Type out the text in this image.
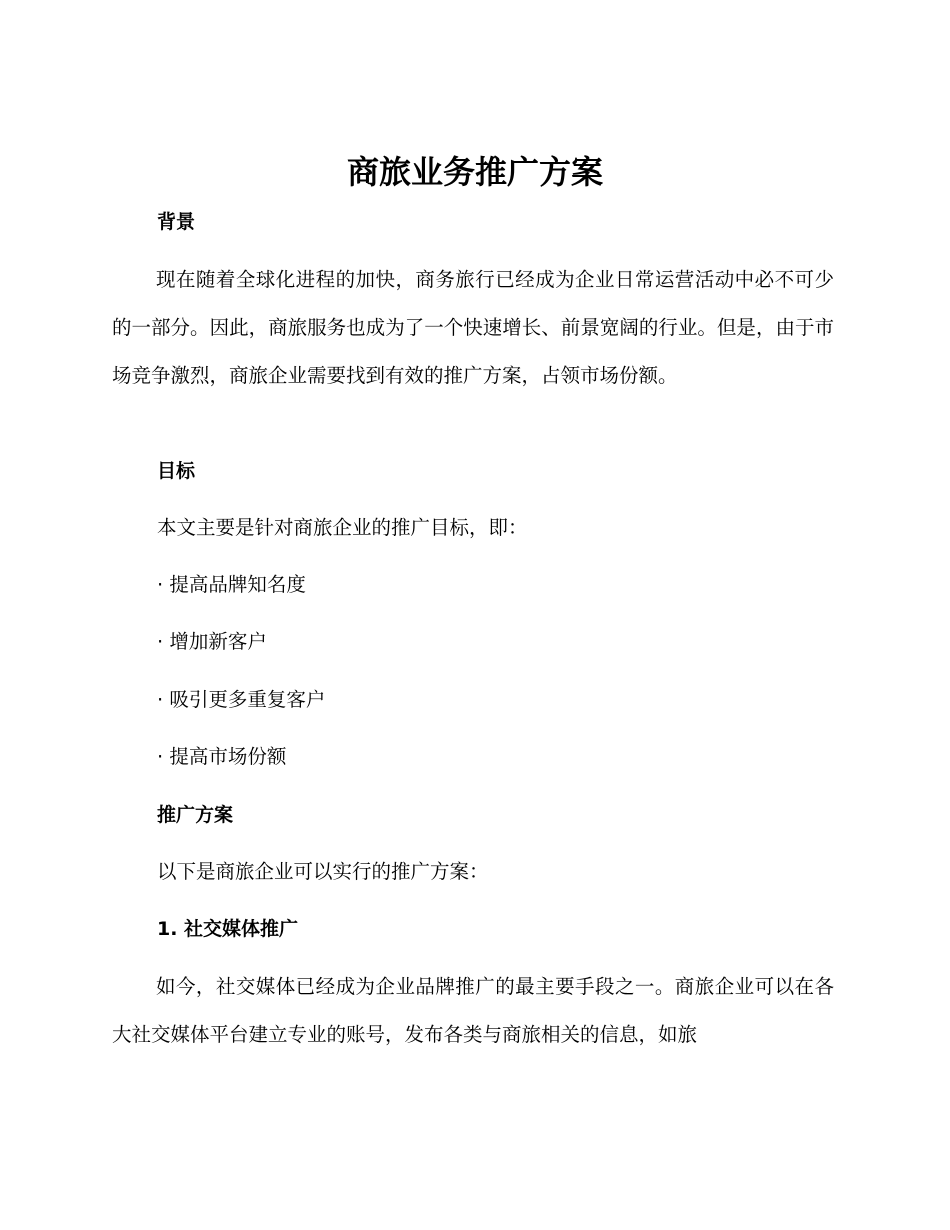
商旅业务推广方案
背景

现在随着全球化进程的加快，商务旅行已经成为企业日常运营活动中必不可少的一部分。因此，商旅服务也成为了一个快速增长、前景宽阔的行业。但是，由于市场竞争激烈，商旅企业需要找到有效的推广方案，占领市场份额。

目标

本文主要是针对商旅企业的推广目标，即：

· 提高品牌知名度

· 增加新客户

· 吸引更多重复客户

· 提高市场份额

推广方案

以下是商旅企业可以实行的推广方案：

1. 社交媒体推广

如今，社交媒体已经成为企业品牌推广的最主要手段之一。商旅企业可以在各大社交媒体平台建立专业的账号，发布各类与商旅相关的信息，如旅
